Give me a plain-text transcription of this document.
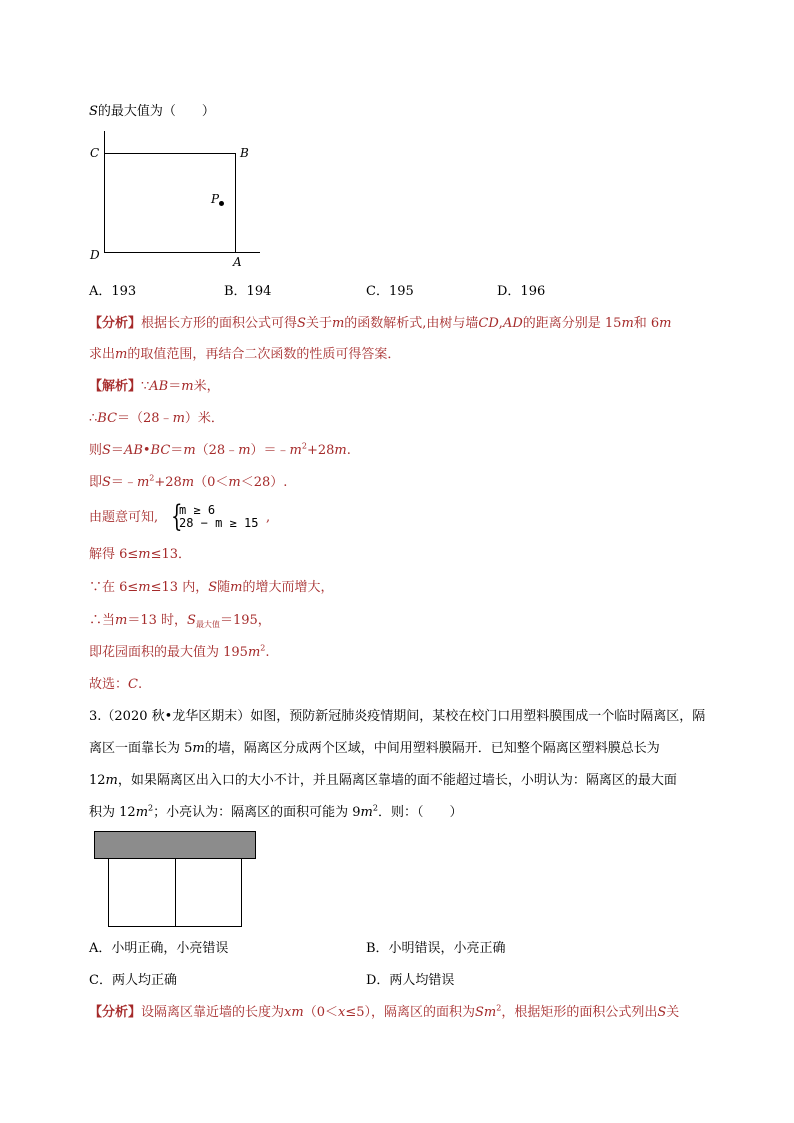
S的最大值为（　　）
C	B
P
D	A
A．193	B．194	C．195	D．196
【分析】根据长方形的面积公式可得S关于m的函数解析式,由树与墙CD,AD的距离分别是 15m和 6m
求出m的取值范围，再结合二次函数的性质可得答案．
【解析】∵AB＝m米，
∴BC＝（28﹣m）米．
则$S=AB•BC=m(28﹣m)=﹣m^2+28m$.
即$S=﹣m^2+28m(0<m<28)$.
由题意可知, {
m ≥ 6
28 − m ≥ 15 ,
解得 6≤m≤13．
∵在 6≤m≤13 内，S随m的增大而增大，
∴当m＝13 时，$S_{最大值}=195$，
即花园面积的最大值为 $195m^2$.
故选：C.
3.（2020 秋•龙华区期末）如图，预防新冠肺炎疫情期间，某校在校门口用塑料膜围成一个临时隔离区，隔
离区一面靠长为 5m的墙，隔离区分成两个区域，中间用塑料膜隔开．已知整个隔离区塑料膜总长为
12m，如果隔离区出入口的大小不计，并且隔离区靠墙的面不能超过墙长，小明认为：隔离区的最大面
积为 $12m^2$；小亮认为：隔离区的面积可能为 $9m^2$．则：（　　）
A．小明正确，小亮错误	B．小明错误，小亮正确
C．两人均正确	D．两人均错误
【分析】设隔离区靠近墙的长度为xm（0＜x≤5），隔离区的面积为Sm$^2$，根据矩形的面积公式列出S关
